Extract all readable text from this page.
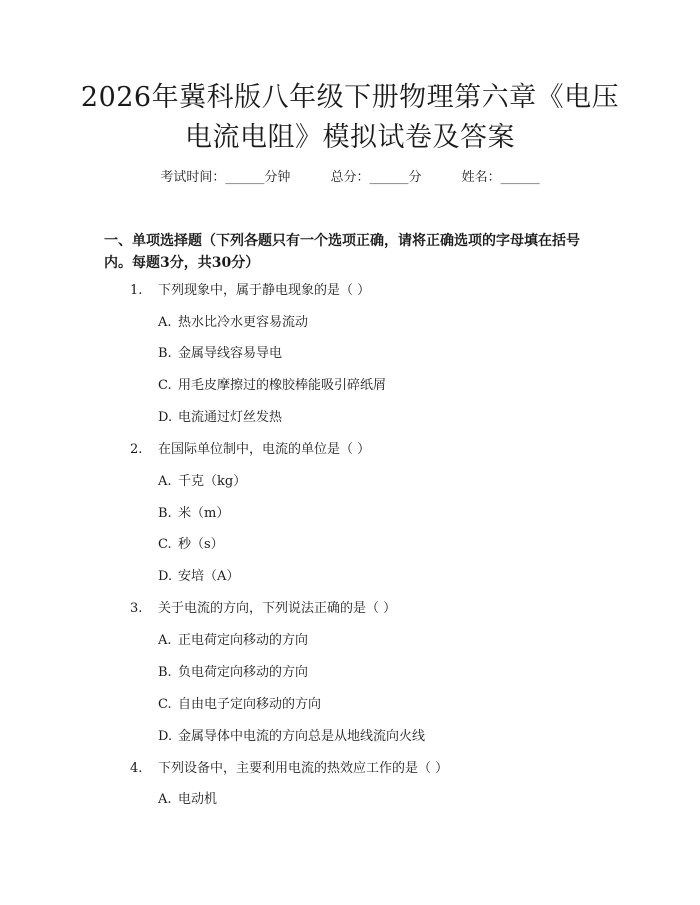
2026年冀科版八年级下册物理第六章《电压
电流电阻》模拟试卷及答案
考试时间：______分钟	总分：______分	姓名：______
一、单项选择题（下列各题只有一个选项正确，请将正确选项的字母填在括号
内。每题3分，共30分）
1. 下列现象中，属于静电现象的是（ ）
A. 热水比冷水更容易流动
B. 金属导线容易导电
C. 用毛皮摩擦过的橡胶棒能吸引碎纸屑
D. 电流通过灯丝发热
2. 在国际单位制中，电流的单位是（ ）
A. 千克（kg）
B. 米（m）
C. 秒（s）
D. 安培（A）
3. 关于电流的方向，下列说法正确的是（ ）
A. 正电荷定向移动的方向
B. 负电荷定向移动的方向
C. 自由电子定向移动的方向
D. 金属导体中电流的方向总是从地线流向火线
4. 下列设备中，主要利用电流的热效应工作的是（ ）
A. 电动机
